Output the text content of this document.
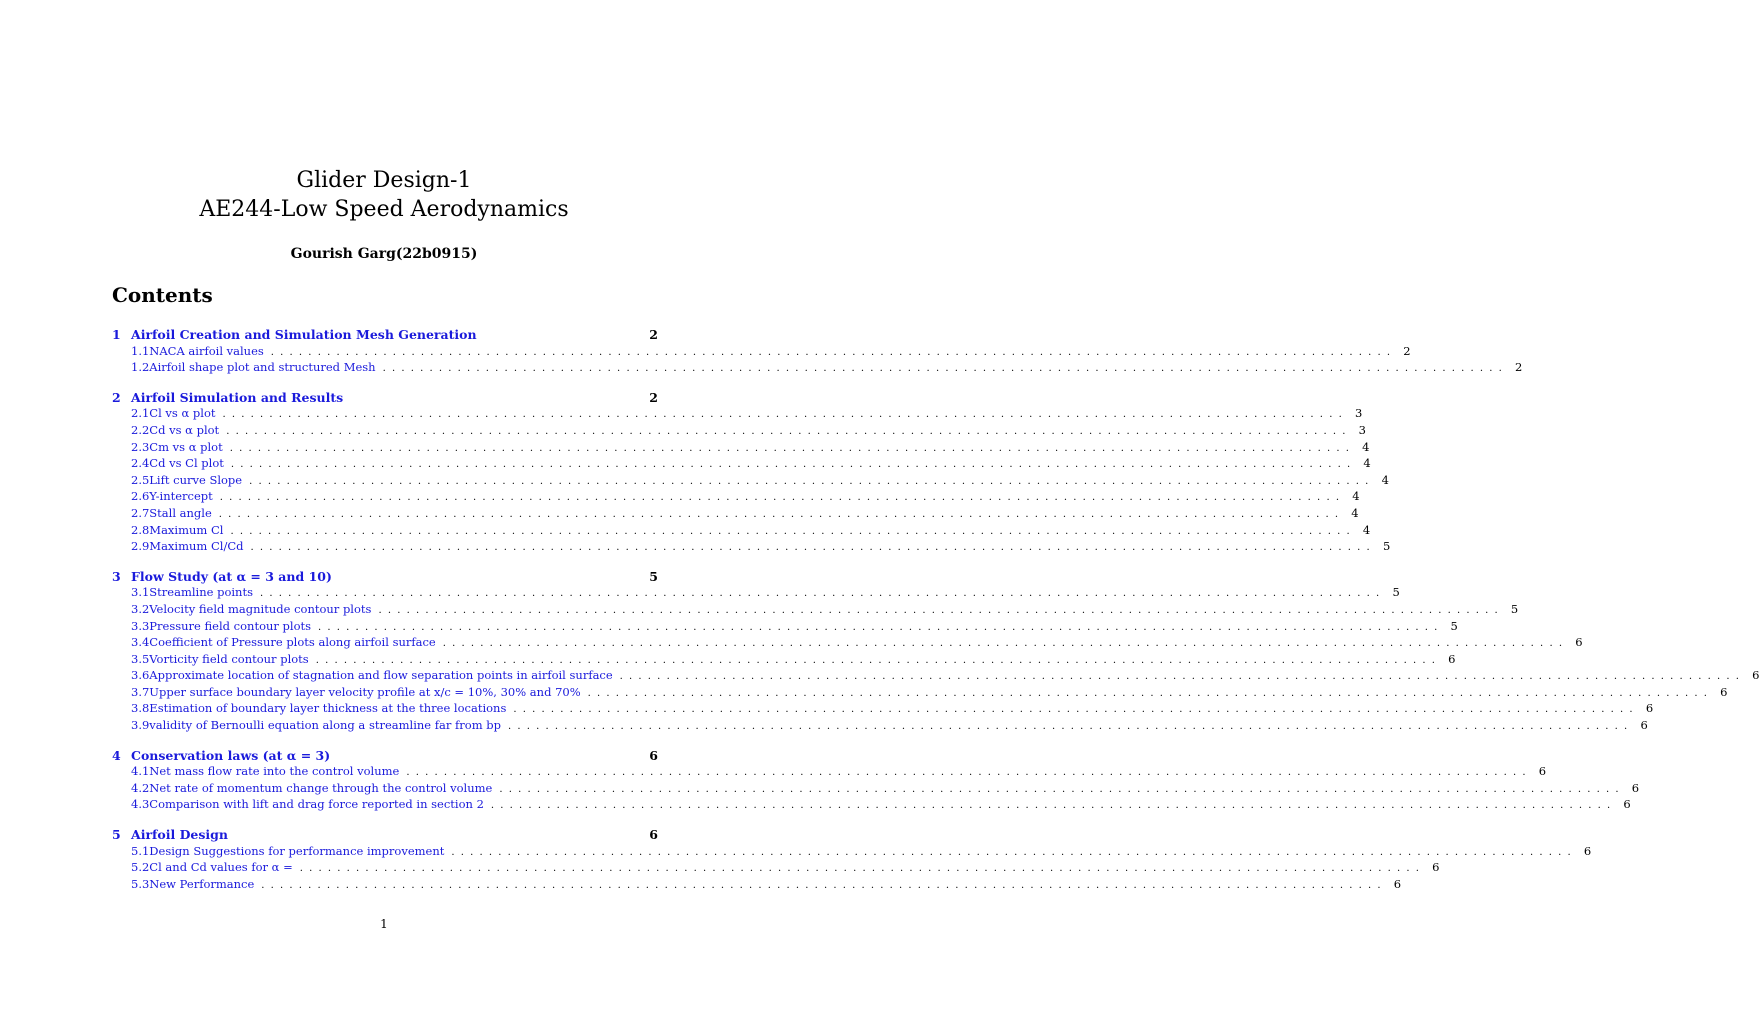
Glider Design-1
AE244-Low Speed Aerodynamics
Gourish Garg(22b0915)
Contents
1 Airfoil Creation and Simulation Mesh Generation	2
1.1 NACA airfoil values ........................................................................................................................ 2
1.2 Airfoil shape plot and structured Mesh ........................................................................................................................ 2
2 Airfoil Simulation and Results	2
2.1 Cl vs α plot ........................................................................................................................ 3
2.2 Cd vs α plot ........................................................................................................................ 3
2.3 Cm vs α plot ........................................................................................................................ 4
2.4 Cd vs Cl plot ........................................................................................................................ 4
2.5 Lift curve Slope ........................................................................................................................ 4
2.6 Y-intercept ........................................................................................................................ 4
2.7 Stall angle ........................................................................................................................ 4
2.8 Maximum Cl ........................................................................................................................ 4
2.9 Maximum Cl/Cd ........................................................................................................................ 5
3 Flow Study (at α = 3 and 10)	5
3.1 Streamline points ........................................................................................................................ 5
3.2 Velocity field magnitude contour plots ........................................................................................................................ 5
3.3 Pressure field contour plots ........................................................................................................................ 5
3.4 Coefficient of Pressure plots along airfoil surface ........................................................................................................................ 6
3.5 Vorticity field contour plots ........................................................................................................................ 6
3.6 Approximate location of stagnation and flow separation points in airfoil surface ........................................................................................................................ 6
3.7 Upper surface boundary layer velocity profile at x/c = 10%, 30% and 70% ........................................................................................................................ 6
3.8 Estimation of boundary layer thickness at the three locations ........................................................................................................................ 6
3.9 validity of Bernoulli equation along a streamline far from bp ........................................................................................................................ 6
4 Conservation laws (at α = 3)	6
4.1 Net mass flow rate into the control volume ........................................................................................................................ 6
4.2 Net rate of momentum change through the control volume ........................................................................................................................ 6
4.3 Comparison with lift and drag force reported in section 2 ........................................................................................................................ 6
5 Airfoil Design	6
5.1 Design Suggestions for performance improvement ........................................................................................................................ 6
5.2 Cl and Cd values for α = ........................................................................................................................ 6
5.3 New Performance ........................................................................................................................ 6
1
